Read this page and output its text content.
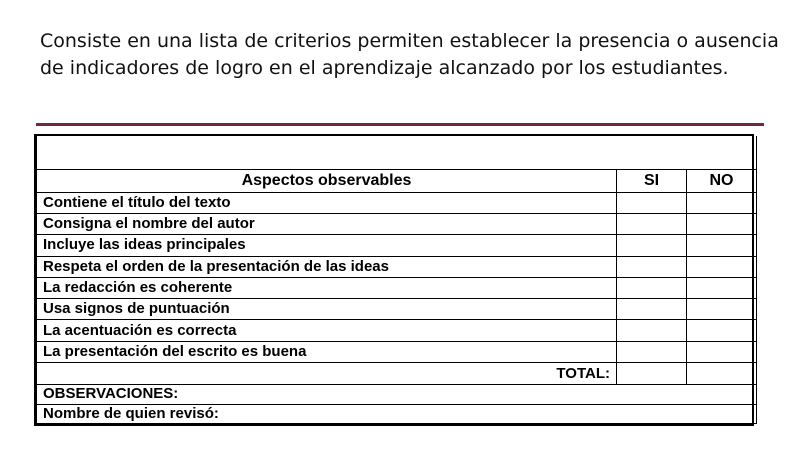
Consiste en una lista de criterios permiten establecer la presencia o ausencia
de indicadores de logro en el aprendizaje alcanzado por los estudiantes.

Aspectos observables	SI	NO
Contiene el título del texto		
Consigna el nombre del autor		
Incluye las ideas principales		
Respeta el orden de la presentación de las ideas		
La redacción es coherente		
Usa signos de puntuación		
La acentuación es correcta		
La presentación del escrito es buena		
TOTAL:		
OBSERVACIONES:		
Nombre de quien revisó:		
